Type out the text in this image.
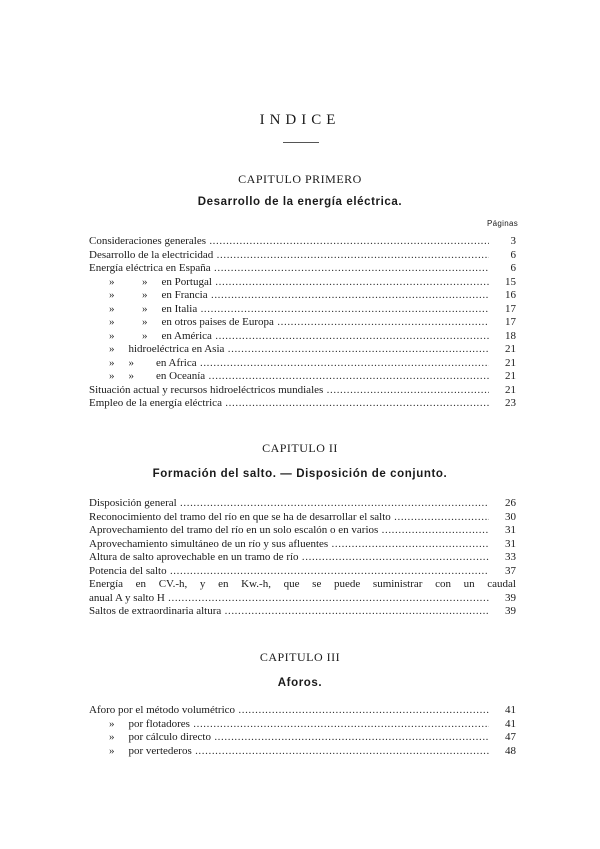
INDICE
CAPITULO PRIMERO
Desarrollo de la energía eléctrica.
Páginas
Consideraciones generales .....	3
Desarrollo de la electricidad .....	6
Energía eléctrica en España .....	6
»          » en Portugal .....	15
»          » en Francia .....	16
»          » en Italia .....	17
»          » en otros paises de Europa .....	17
»          » en América .....	18
» hidroeléctrica en Asia .....	21
» »        en Africa .....	21
» »        en Oceanía .....	21
Situación actual y recursos hidroeléctricos mundiales .....	21
Empleo de la energía eléctrica .....	23
CAPITULO II
Formación del salto. — Disposición de conjunto.
Disposición general .....	26
Reconocimiento del tramo del río en que se ha de desarrollar el salto .....	30
Aprovechamiento del tramo del río en un solo escalón o en varios .....	31
Aprovechamiento simultáneo de un río y sus afluentes .....	31
Altura de salto aprovechable en un tramo de río .....	33
Potencia del salto .....	37
Energía en CV.-h, y en Kw.-h, que se puede suministrar con un caudal
anual A y salto H .....	39
Saltos de extraordinaria altura .....	39
CAPITULO III
Aforos.
Aforo por el método volumétrico .....	41
» por flotadores .....	41
» por cálculo directo .....	47
» por vertederos .....	48
